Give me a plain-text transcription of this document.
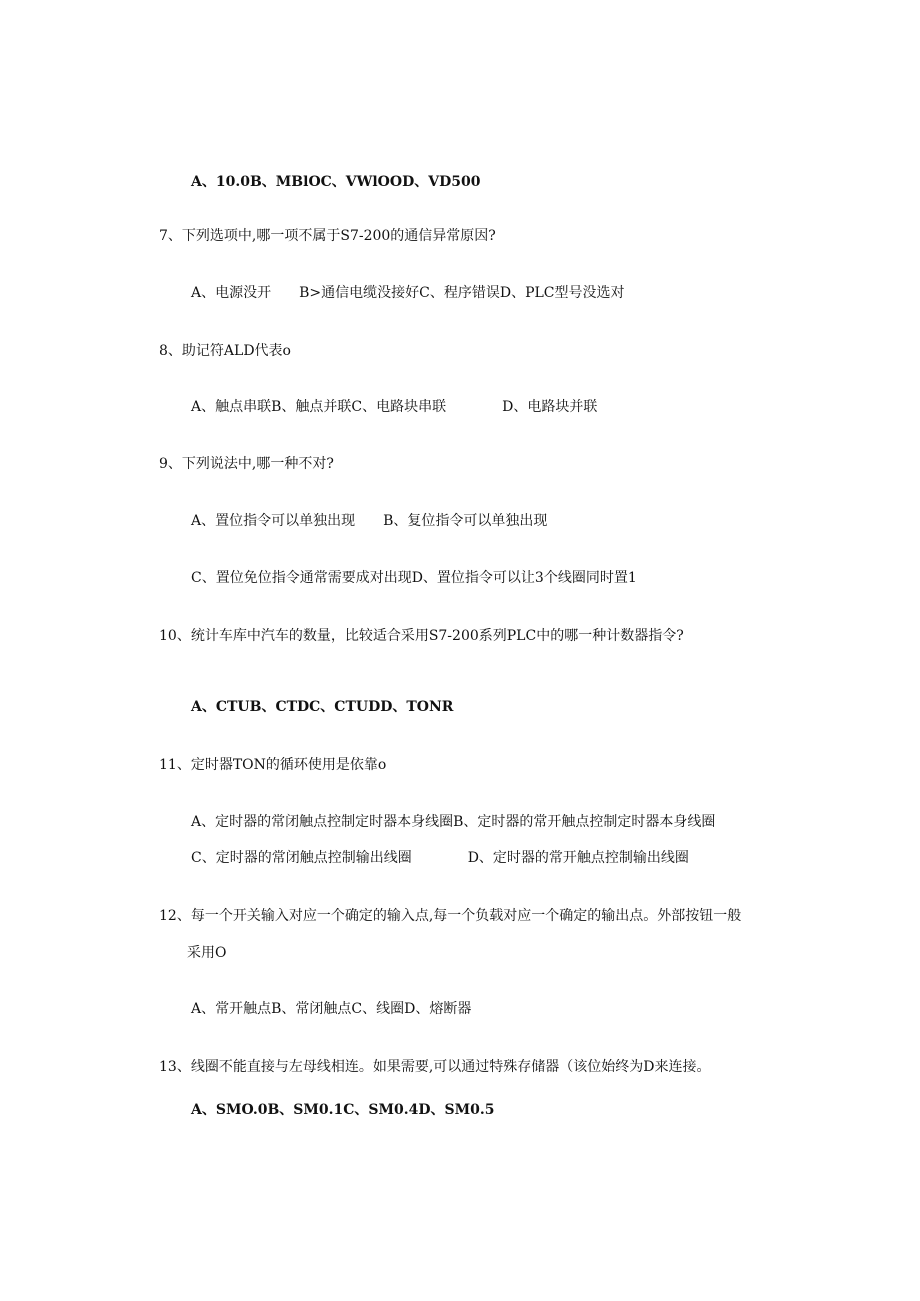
A、10.0B、MBlOC、VWlOOD、VD500
7、下列选项中,哪一项不属于S7-200的通信异常原因?
A、电源没开　　B>通信电缆没接好C、程序错误D、PLC型号没选对
8、助记符ALD代表o
A、触点串联B、触点并联C、电路块串联　　　　D、电路块并联
9、下列说法中,哪一种不对?
A、置位指令可以单独出现　　B、复位指令可以单独出现
C、置位免位指令通常需要成对出现D、置位指令可以让3个线圈同时置1
10、统计车库中汽车的数量，比较适合采用S7-200系列PLC中的哪一种计数器指令?
A、CTUB、CTDC、CTUDD、TONR
11、定时器TON的循环使用是依靠o
A、定时器的常闭触点控制定时器本身线圈B、定时器的常开触点控制定时器本身线圈
C、定时器的常闭触点控制输出线圈　　　　D、定时器的常开触点控制输出线圈
12、每一个开关输入对应一个确定的输入点,每一个负载对应一个确定的输出点。外部按钮一般
采用O
A、常开触点B、常闭触点C、线圈D、熔断器
13、线圈不能直接与左母线相连。如果需要,可以通过特殊存储器（该位始终为D来连接。
A、SMO.0B、SM0.1C、SM0.4D、SM0.5
